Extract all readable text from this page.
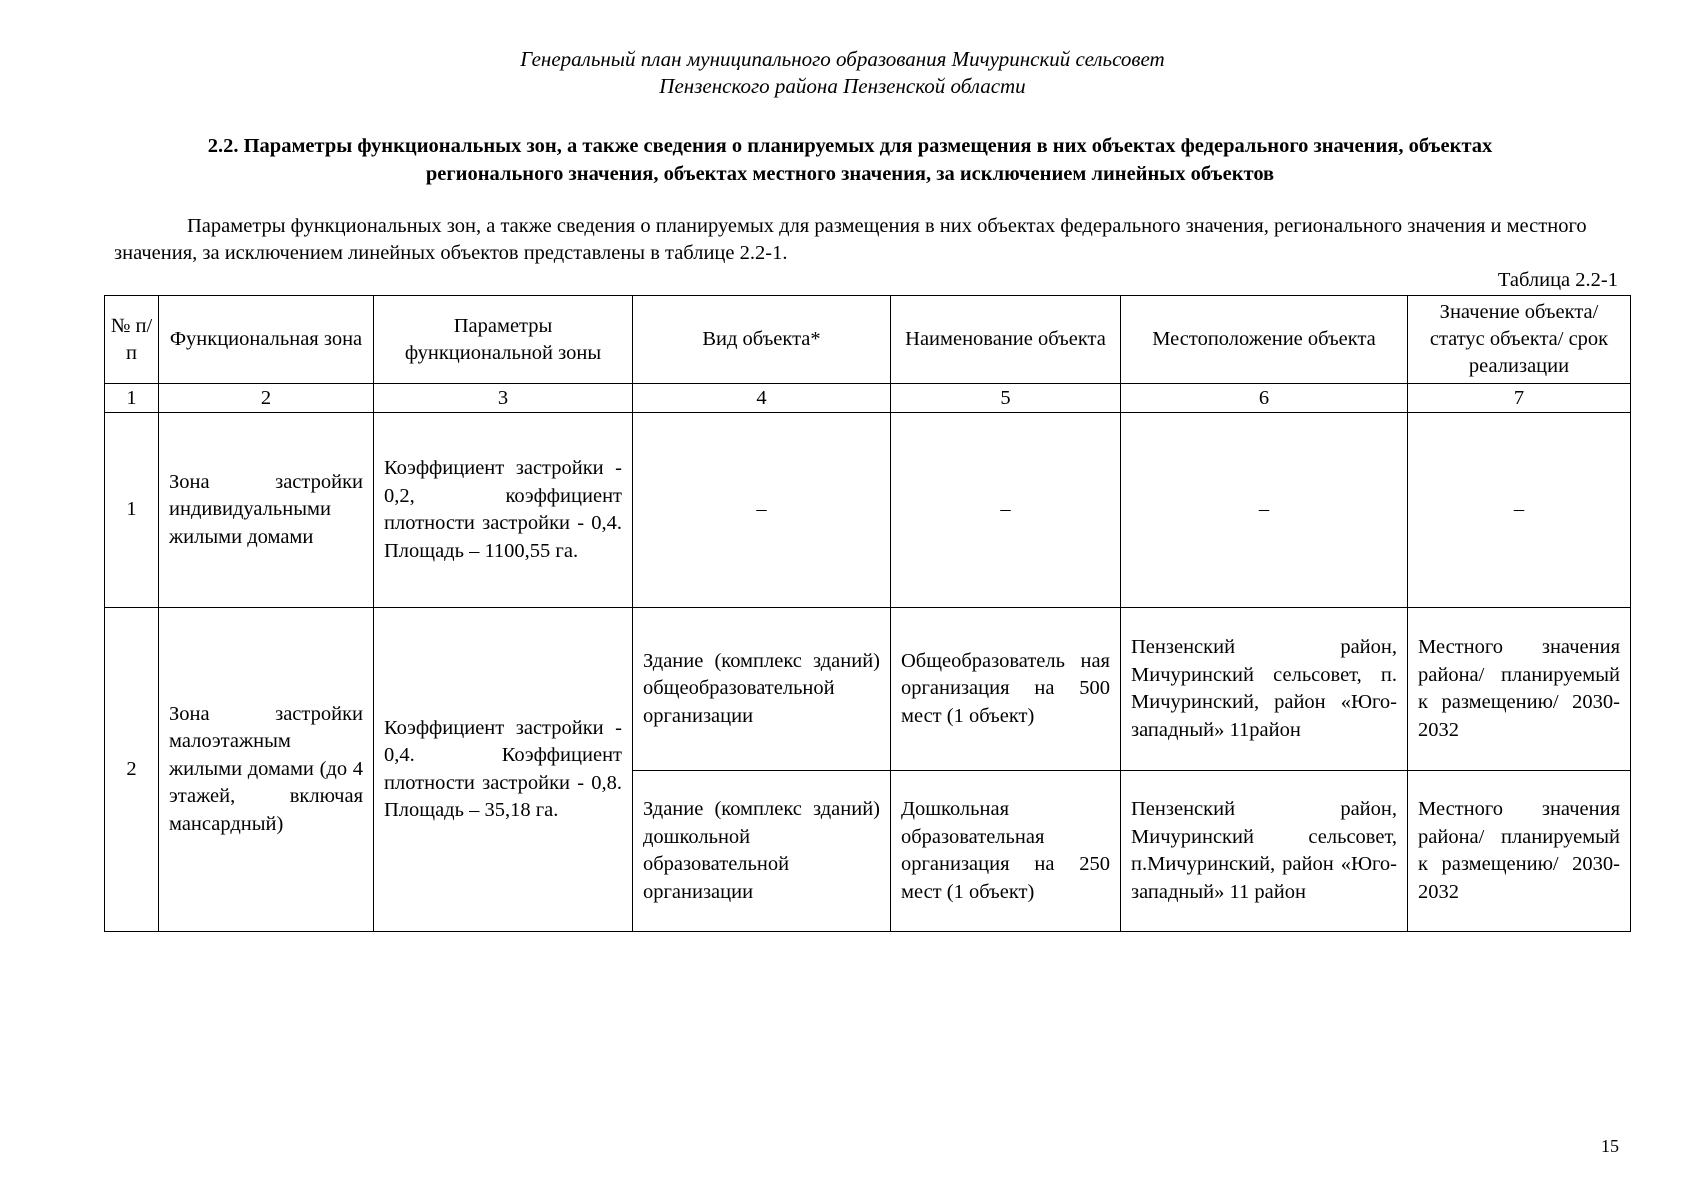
Генеральный план муниципального образования Мичуринский сельсовет
Пензенского района Пензенской области
2.2. Параметры функциональных зон, а также сведения о планируемых для размещения в них объектах федерального значения, объектах регионального значения, объектах местного значения, за исключением линейных объектов
Параметры функциональных зон, а также сведения о планируемых для размещения в них объектах федерального значения, регионального значения и местного значения, за исключением линейных объектов представлены в таблице 2.2-1.
Таблица 2.2-1
№ п/ п	Функциональная зона	Параметры функциональной зоны	Вид объекта*	Наименование объекта	Местоположение объекта	Значение объекта/ статус объекта/ срок реализации
1	2	3	4	5	6	7
1	Зона застройки индивидуальными жилыми домами	Коэффициент застройки - 0,2, коэффициент плотности застройки - 0,4. Площадь – 1100,55 га.	–	–	–	–
2	Зона застройки малоэтажным жилыми домами (до 4 этажей, включая мансардный)	Коэффициент застройки - 0,4. Коэффициент плотности застройки - 0,8. Площадь – 35,18 га.	Здание (комплекс зданий) общеобразовательной организации	Общеобразователь ная организация на 500 мест (1 объект)	Пензенский район, Мичуринский сельсовет, п. Мичуринский, район «Юго-западный» 11район	Местного значения района/ планируемый к размещению/ 2030-2032
			Здание (комплекс зданий) дошкольной образовательной организации	Дошкольная образовательная организация на 250 мест (1 объект)	Пензенский район, Мичуринский сельсовет, п.Мичуринский, район «Юго-западный» 11 район	Местного значения района/ планируемый к размещению/ 2030-2032
15
